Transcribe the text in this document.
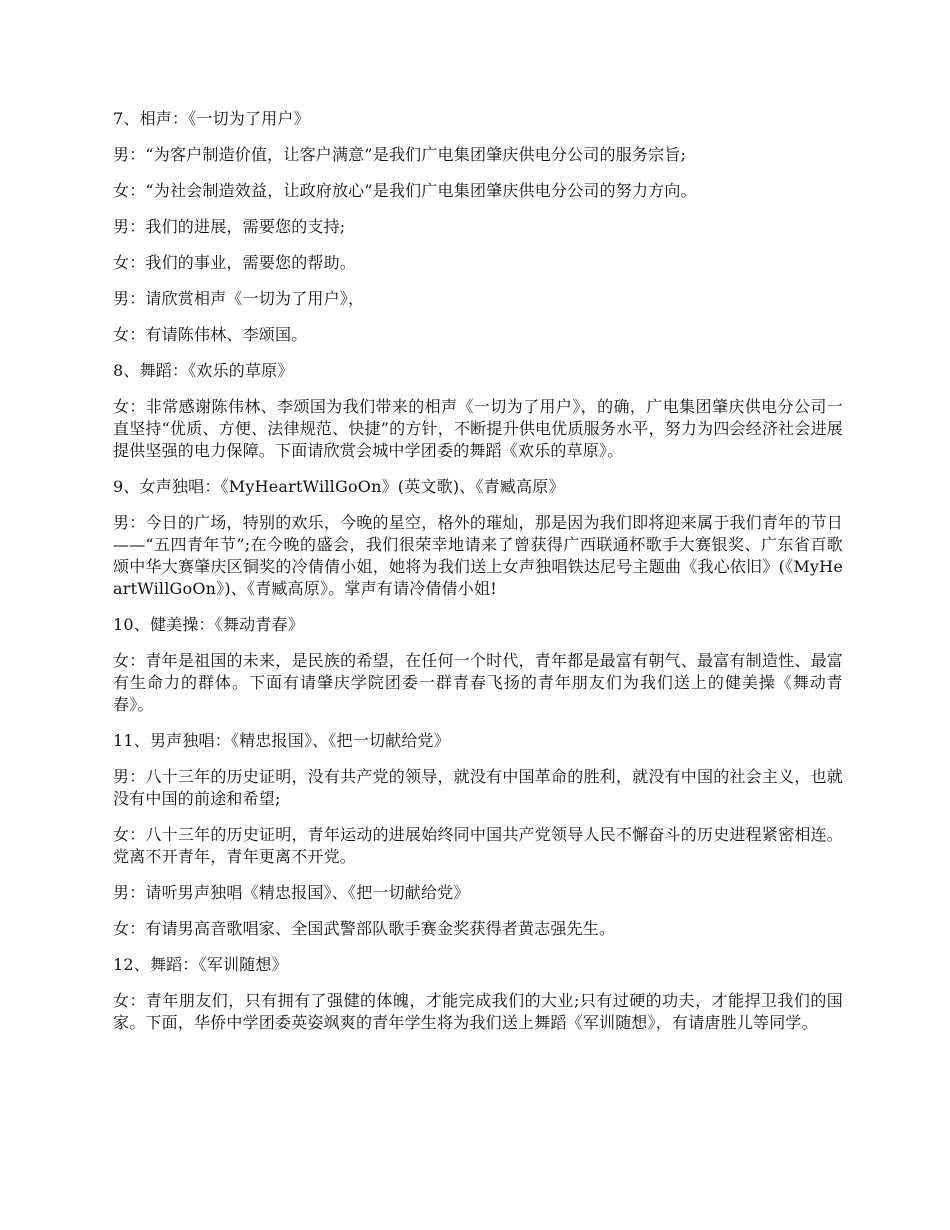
7、相声：《一切为了用户》

男：“为客户制造价值，让客户满意”是我们广电集团肇庆供电分公司的服务宗旨;

女：“为社会制造效益，让政府放心”是我们广电集团肇庆供电分公司的努力方向。

男：我们的进展，需要您的支持;

女：我们的事业，需要您的帮助。

男：请欣赏相声《一切为了用户》，

女：有请陈伟林、李颂国。

8、舞蹈：《欢乐的草原》

女：非常感谢陈伟林、李颂国为我们带来的相声《一切为了用户》，的确，广电集团肇庆供电分公司一直坚持“优质、方便、法律规范、快捷”的方针，不断提升供电优质服务水平，努力为四会经济社会进展提供坚强的电力保障。下面请欣赏会城中学团委的舞蹈《欢乐的草原》。

9、女声独唱：《MyHeartWillGoOn》(英文歌)、《青臧高原》

男：今日的广场，特别的欢乐，今晚的星空，格外的璀灿，那是因为我们即将迎来属于我们青年的节日——“五四青年节”;在今晚的盛会，我们很荣幸地请来了曾获得广西联通杯歌手大赛银奖、广东省百歌颂中华大赛肇庆区铜奖的冷倩倩小姐，她将为我们送上女声独唱铁达尼号主题曲《我心依旧》(《MyHeartWillGoOn》)、《青臧高原》。掌声有请冷倩倩小姐!

10、健美操：《舞动青春》

女：青年是祖国的未来，是民族的希望，在任何一个时代，青年都是最富有朝气、最富有制造性、最富有生命力的群体。下面有请肇庆学院团委一群青春飞扬的青年朋友们为我们送上的健美操《舞动青春》。

11、男声独唱：《精忠报国》、《把一切献给党》

男：八十三年的历史证明，没有共产党的领导，就没有中国革命的胜利，就没有中国的社会主义，也就没有中国的前途和希望;

女：八十三年的历史证明，青年运动的进展始终同中国共产党领导人民不懈奋斗的历史进程紧密相连。党离不开青年，青年更离不开党。

男：请听男声独唱《精忠报国》、《把一切献给党》

女：有请男高音歌唱家、全国武警部队歌手赛金奖获得者黄志强先生。

12、舞蹈：《军训随想》

女：青年朋友们，只有拥有了强健的体魄，才能完成我们的大业;只有过硬的功夫，才能捍卫我们的国家。下面，华侨中学团委英姿飒爽的青年学生将为我们送上舞蹈《军训随想》，有请唐胜儿等同学。
